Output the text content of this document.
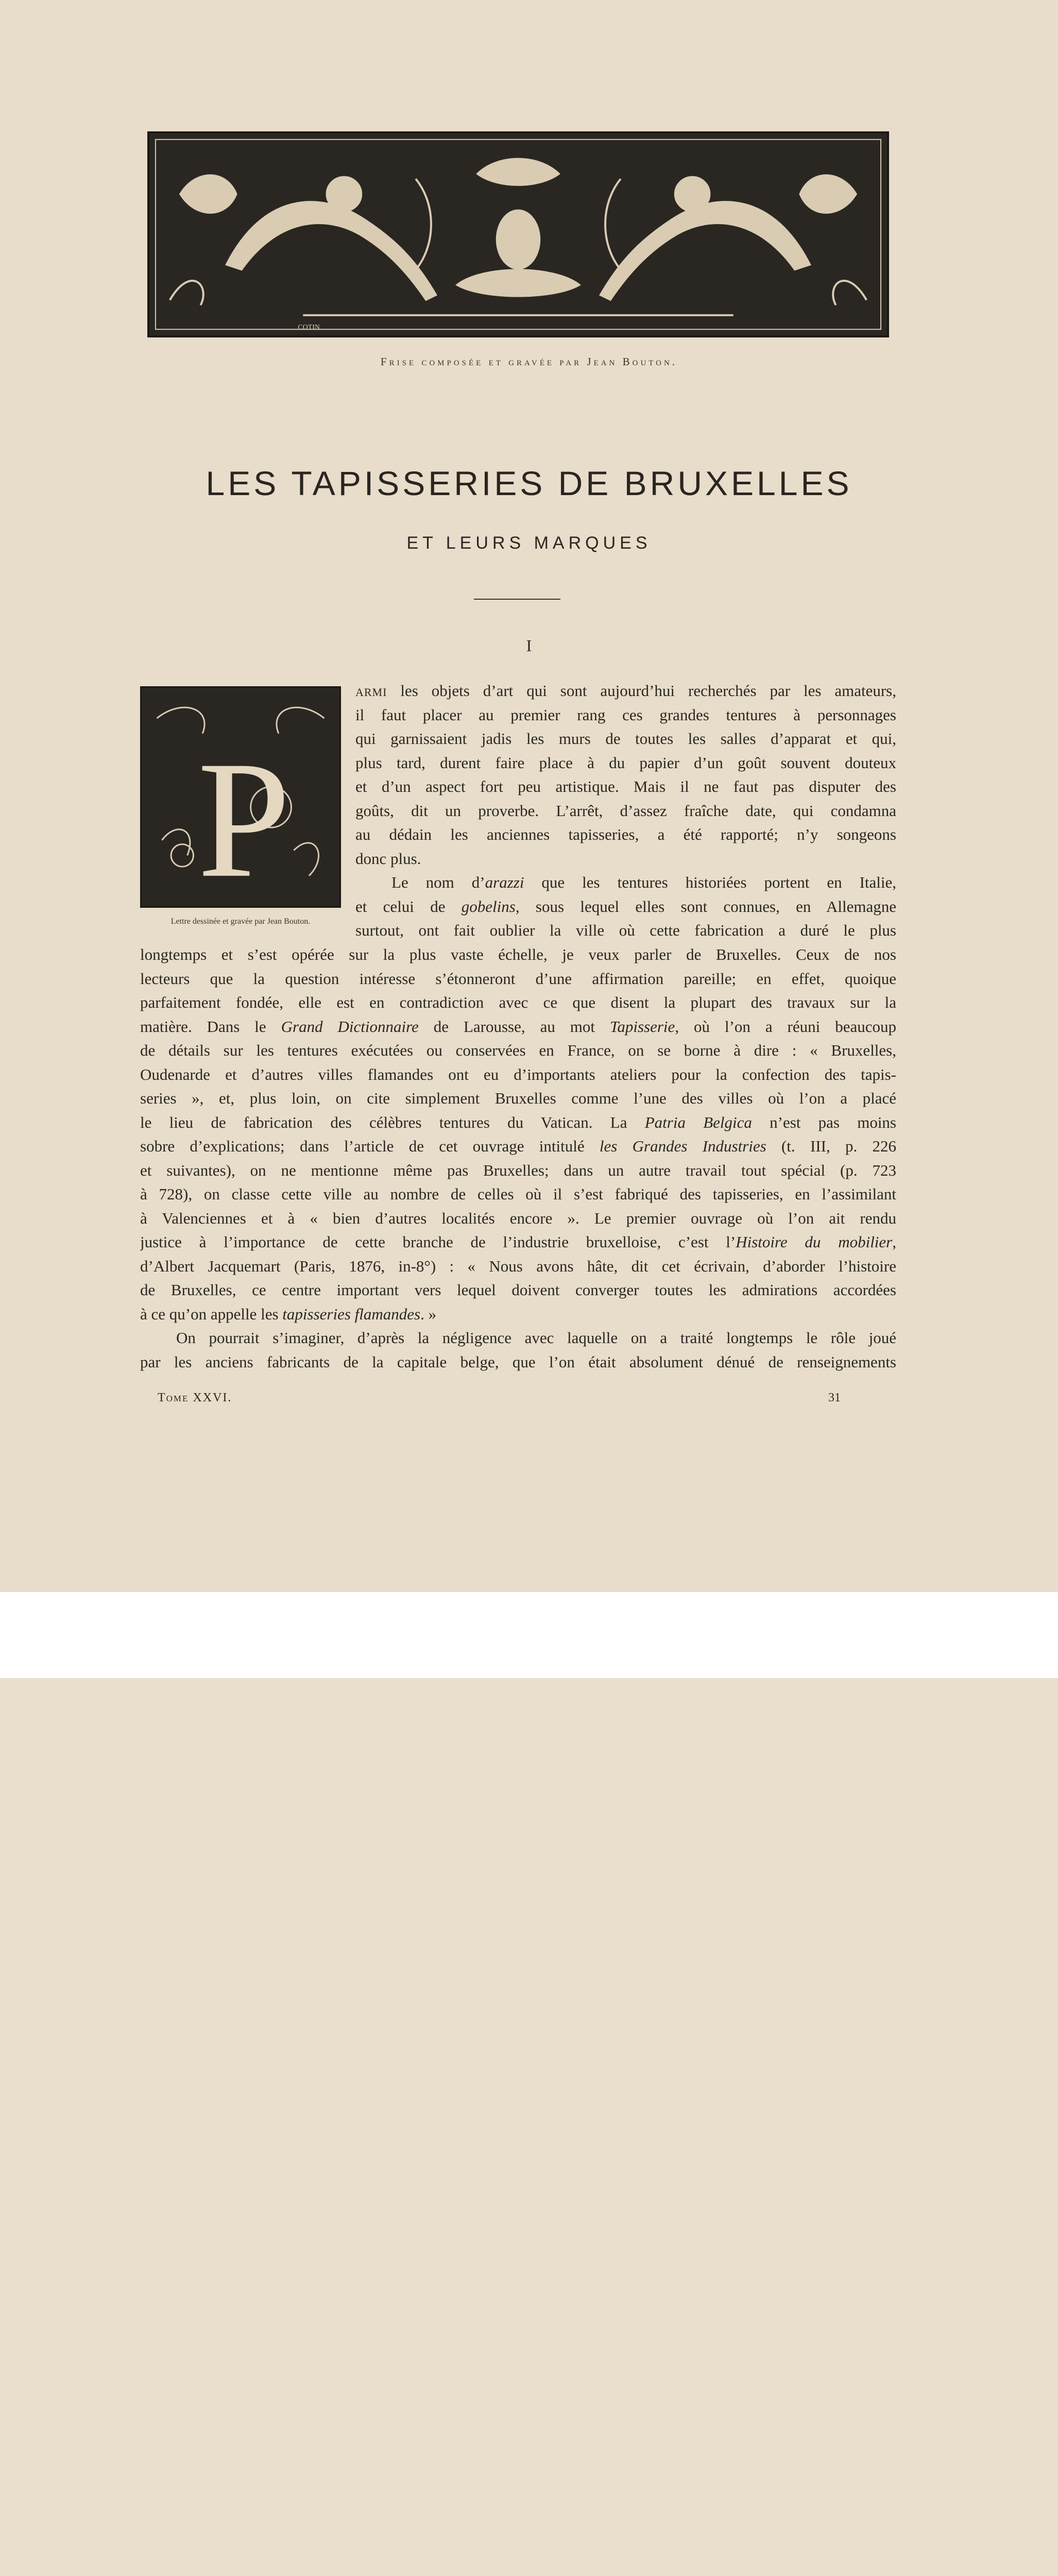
COTIN
Frise composée et gravée par Jean Bouton.
LES TAPISSERIES DE BRUXELLES
ET LEURS MARQUES
I
P
Lettre dessinée et gravée par Jean Bouton.
armi les objets d’art qui sont aujourd’hui recherchés par les amateurs,
il faut placer au premier rang ces grandes tentures à personnages
qui garnissaient jadis les murs de toutes les salles d’apparat et qui,
plus tard, durent faire place à du papier d’un goût souvent douteux
et d’un aspect fort peu artistique. Mais il ne faut pas disputer des
goûts, dit un proverbe. L’arrêt, d’assez fraîche date, qui condamna
au dédain les anciennes tapisseries, a été rapporté; n’y songeons
donc plus.
Le nom d’arazzi que les tentures historiées portent en Italie,
et celui de gobelins, sous lequel elles sont connues, en Allemagne
surtout, ont fait oublier la ville où cette fabrication a duré le plus
longtemps et s’est opérée sur la plus vaste échelle, je veux parler de Bruxelles. Ceux de nos
lecteurs que la question intéresse s’étonneront d’une affirmation pareille; en effet, quoique
parfaitement fondée, elle est en contradiction avec ce que disent la plupart des travaux sur la
matière. Dans le Grand Dictionnaire de Larousse, au mot Tapisserie, où l’on a réuni beaucoup
de détails sur les tentures exécutées ou conservées en France, on se borne à dire : « Bruxelles,
Oudenarde et d’autres villes flamandes ont eu d’importants ateliers pour la confection des tapis-
series », et, plus loin, on cite simplement Bruxelles comme l’une des villes où l’on a placé
le lieu de fabrication des célèbres tentures du Vatican. La Patria Belgica n’est pas moins
sobre d’explications; dans l’article de cet ouvrage intitulé les Grandes Industries (t. III, p. 226
et suivantes), on ne mentionne même pas Bruxelles; dans un autre travail tout spécial (p. 723
à 728), on classe cette ville au nombre de celles où il s’est fabriqué des tapisseries, en l’assimilant
à Valenciennes et à « bien d’autres localités encore ». Le premier ouvrage où l’on ait rendu
justice à l’importance de cette branche de l’industrie bruxelloise, c’est l’Histoire du mobilier,
d’Albert Jacquemart (Paris, 1876, in-8°) : « Nous avons hâte, dit cet écrivain, d’aborder l’histoire
de Bruxelles, ce centre important vers lequel doivent converger toutes les admirations accordées
à ce qu’on appelle les tapisseries flamandes. »
On pourrait s’imaginer, d’après la négligence avec laquelle on a traité longtemps le rôle joué
par les anciens fabricants de la capitale belge, que l’on était absolument dénué de renseignements
Tome XXVI.	31
